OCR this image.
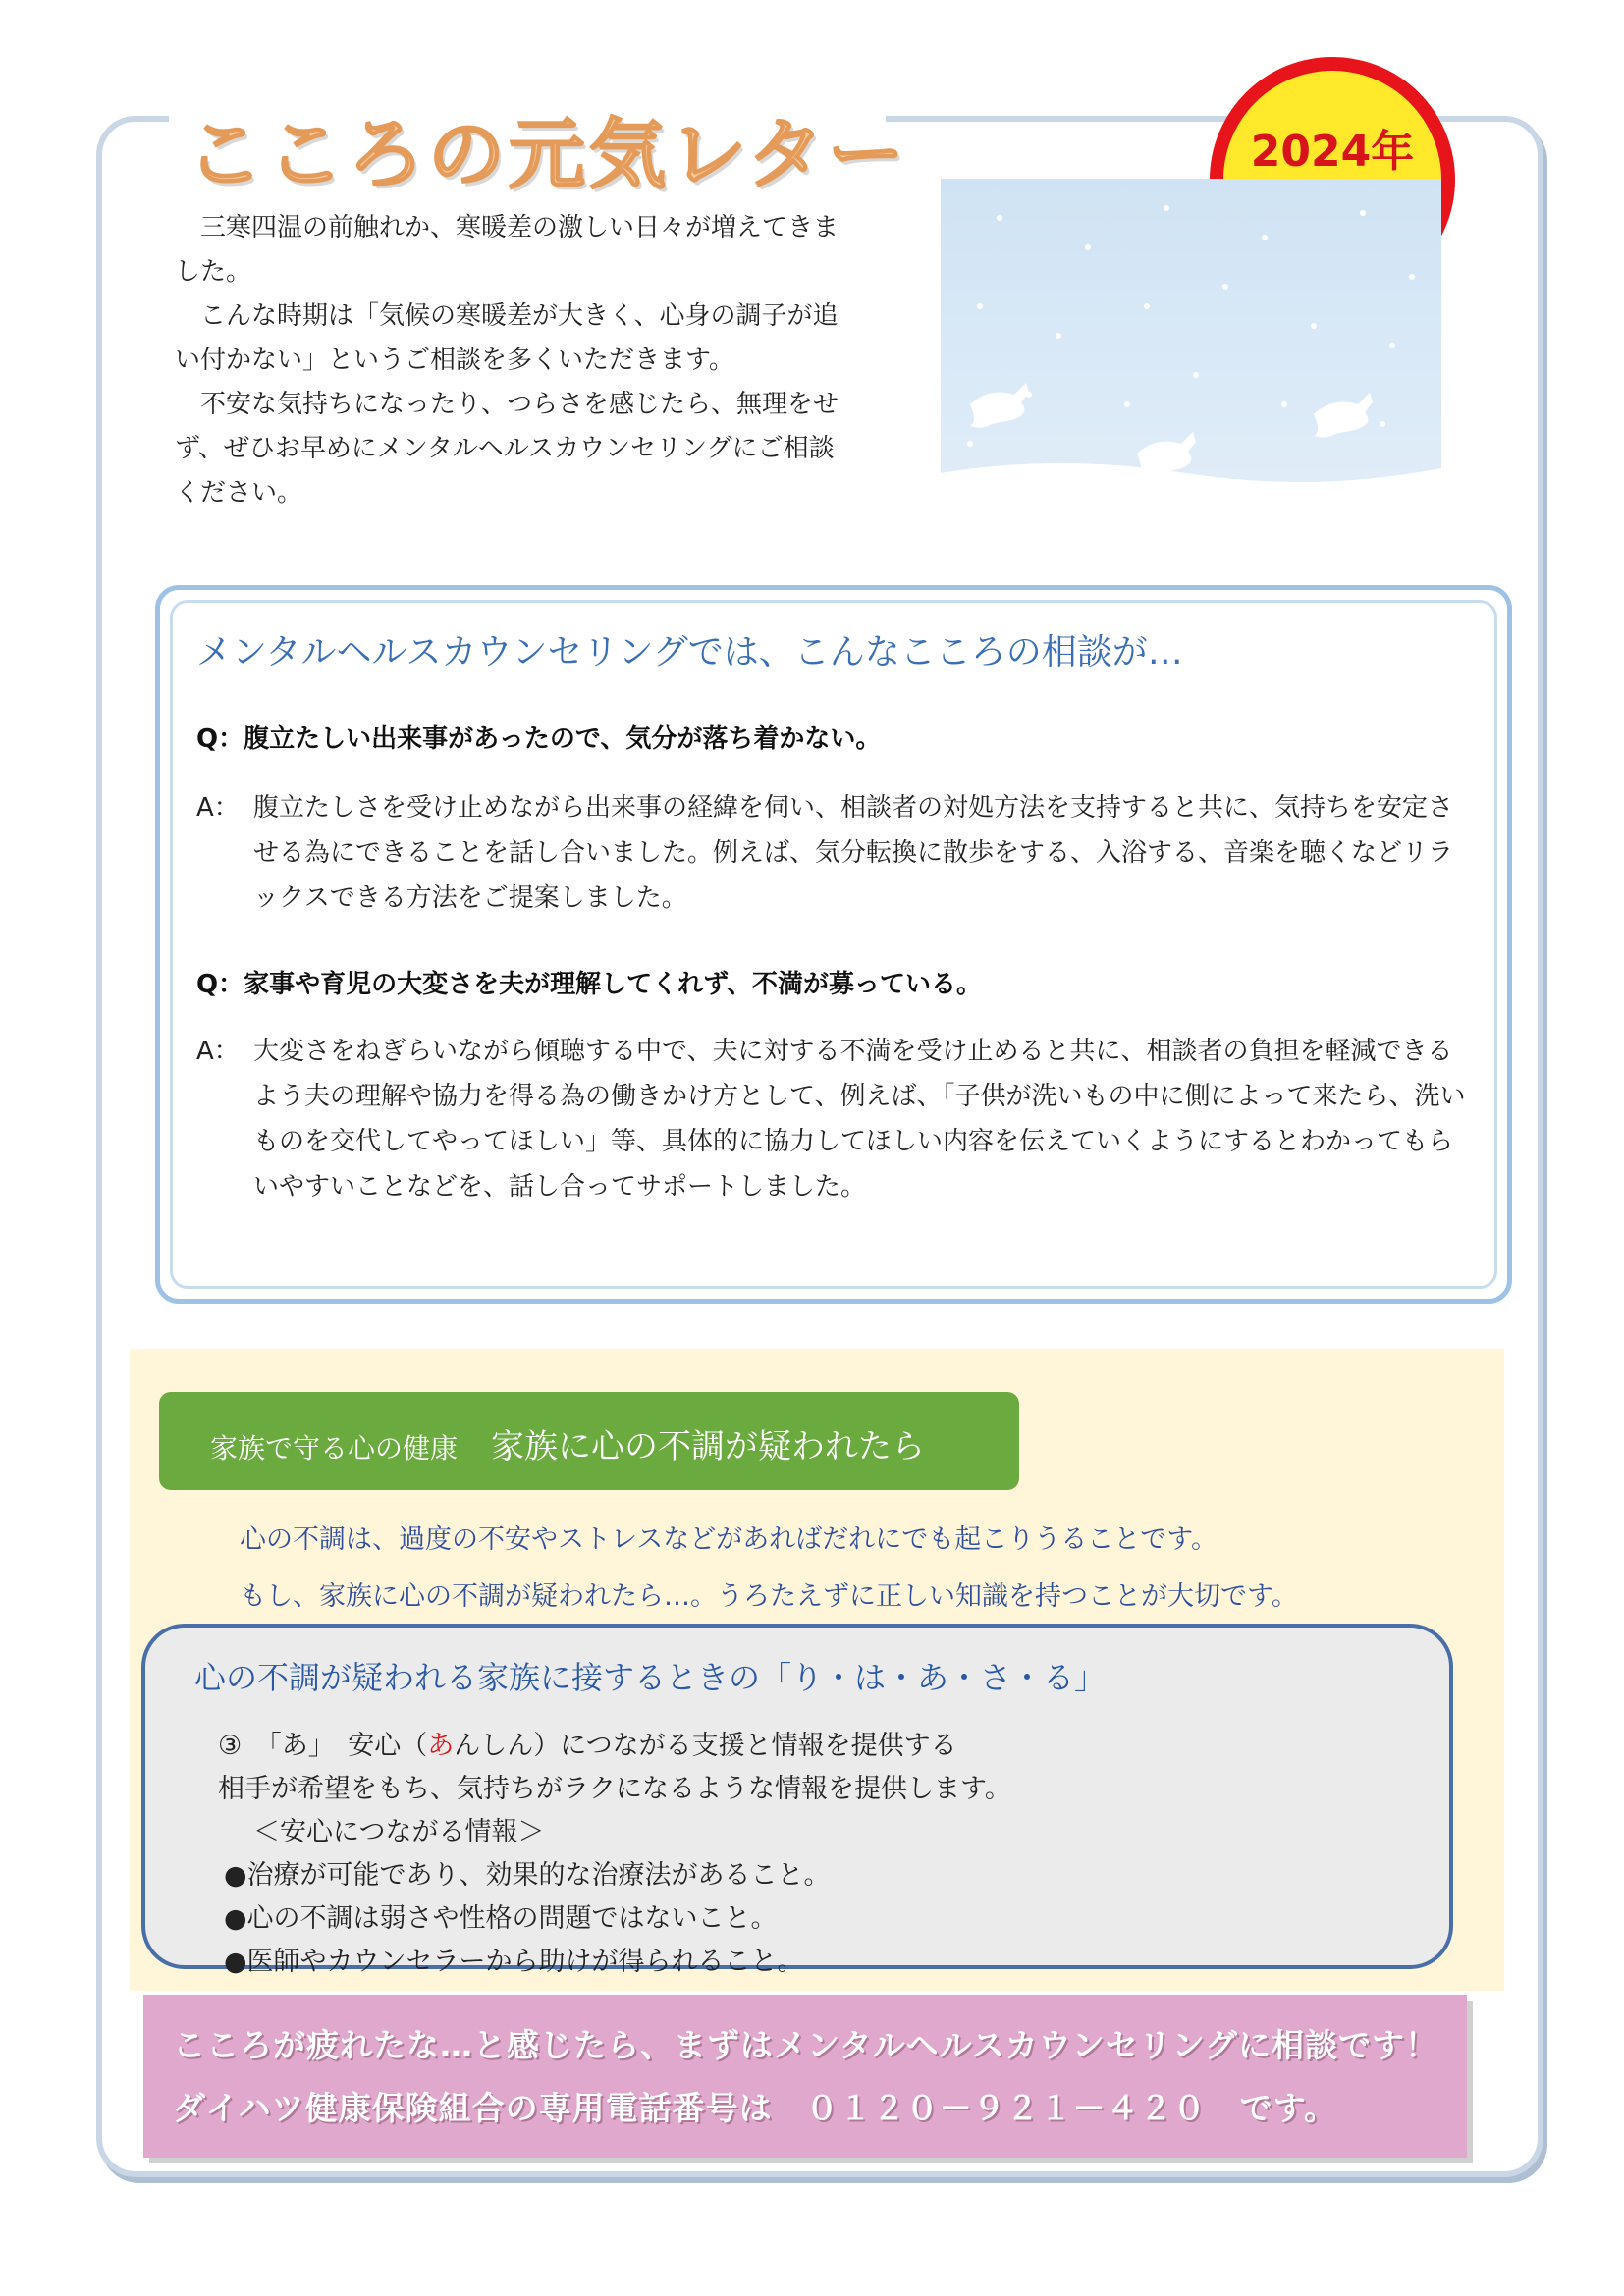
こころの元気レター	2024年

三寒四温の前触れか、寒暖差の激しい日々が増えてきました。

こんな時期は「気候の寒暖差が大きく、心身の調子が追い付かない」というご相談を多くいただきます。

不安な気持ちになったり、つらさを感じたら、無理をせず、ぜひお早めにメンタルヘルスカウンセリングにご相談ください。

メンタルヘルスカウンセリングでは、こんなこころの相談が…
Q：腹立たしい出来事があったので、気分が落ち着かない。
A： 腹立たしさを受け止めながら出来事の経緯を伺い、相談者の対処方法を支持すると共に、気持ちを安定させる為にできることを話し合いました。例えば、気分転換に散歩をする、入浴する、音楽を聴くなどリラックスできる方法をご提案しました。
Q：家事や育児の大変さを夫が理解してくれず、不満が募っている。
A： 大変さをねぎらいながら傾聴する中で、夫に対する不満を受け止めると共に、相談者の負担を軽減できるよう夫の理解や協力を得る為の働きかけ方として、例えば、「子供が洗いもの中に側によって来たら、洗いものを交代してやってほしい」等、具体的に協力してほしい内容を伝えていくようにするとわかってもらいやすいことなどを、話し合ってサポートしました。
家族で守る心の健康　 家族に心の不調が疑われたら
心の不調は、過度の不安やストレスなどがあればだれにでも起こりうることです。
もし、家族に心の不調が疑われたら…。うろたえずに正しい知識を持つことが大切です。
心の不調が疑われる家族に接するときの「り・は・あ・さ・る」
③　「あ」　安心（あんしん）につながる支援と情報を提供する
相手が希望をもち、気持ちがラクになるような情報を提供します。
＜安心につながる情報＞
●治療が可能であり、効果的な治療法があること。
●心の不調は弱さや性格の問題ではないこと。
●医師やカウンセラーから助けが得られること。
こころが疲れたな…と感じたら、まずはメンタルヘルスカウンセリングに相談です！
ダイハツ健康保険組合の専用電話番号は　０１２０－９２１－４２０　です。
